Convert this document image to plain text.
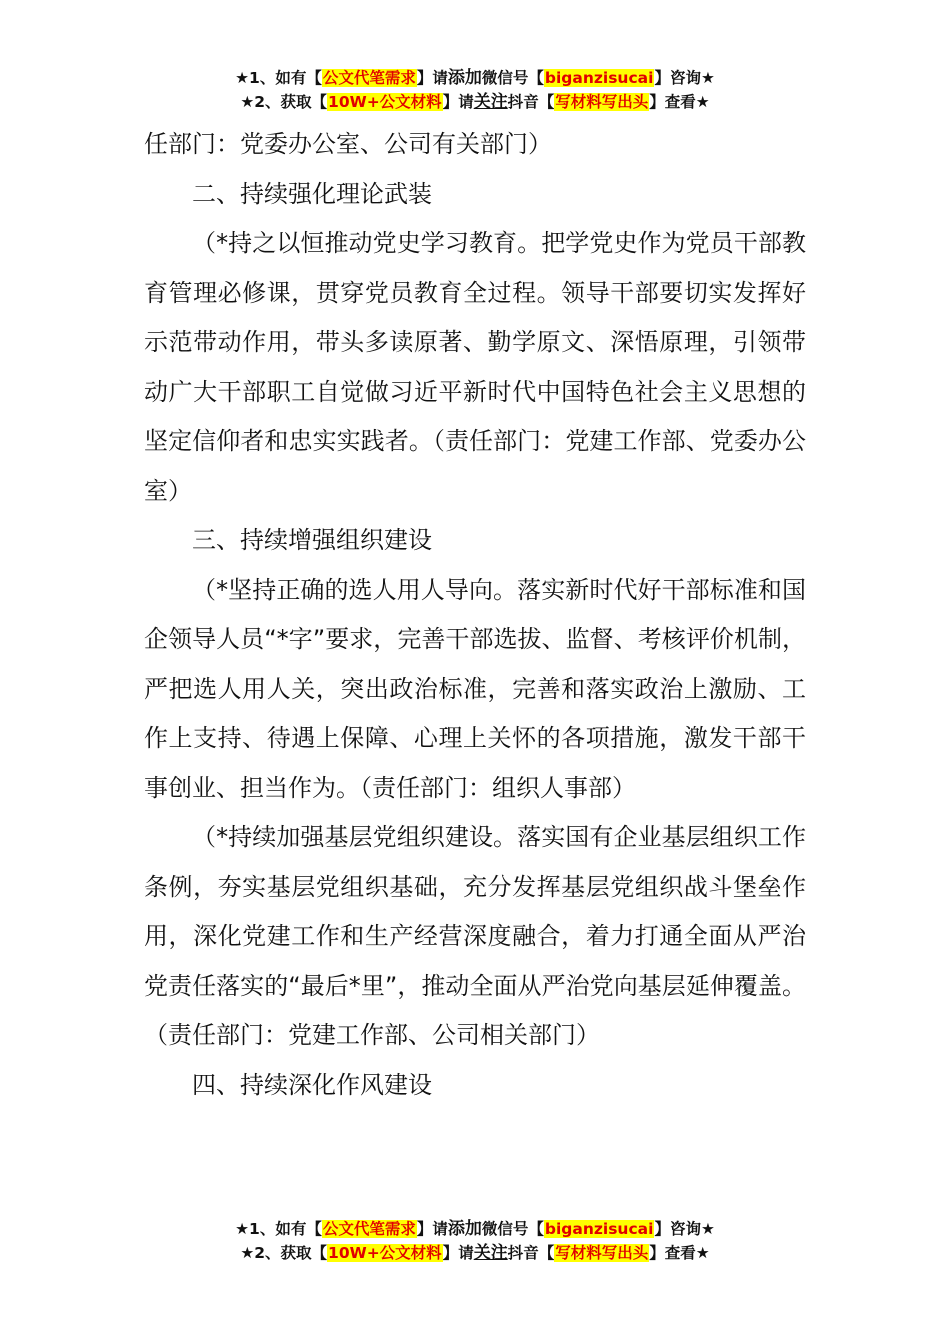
★1、如有【公文代笔需求】请添加微信号【biganzisucai】咨询★
★2、获取【10W+公文材料】请关注抖音【写材料写出头】查看★

任部门：党委办公室、公司有关部门）

二、持续强化理论武装

（*持之以恒推动党史学习教育。把学党史作为党员干部教育管理必修课，贯穿党员教育全过程。领导干部要切实发挥好示范带动作用，带头多读原著、勤学原文、深悟原理，引领带动广大干部职工自觉做习近平新时代中国特色社会主义思想的坚定信仰者和忠实实践者。（责任部门：党建工作部、党委办公室）

三、持续增强组织建设

（*坚持正确的选人用人导向。落实新时代好干部标准和国企领导人员“*字”要求，完善干部选拔、监督、考核评价机制，严把选人用人关，突出政治标准，完善和落实政治上激励、工作上支持、待遇上保障、心理上关怀的各项措施，激发干部干事创业、担当作为。（责任部门：组织人事部）

（*持续加强基层党组织建设。落实国有企业基层组织工作条例，夯实基层党组织基础，充分发挥基层党组织战斗堡垒作用，深化党建工作和生产经营深度融合，着力打通全面从严治党责任落实的“最后*里”，推动全面从严治党向基层延伸覆盖。（责任部门：党建工作部、公司相关部门）

四、持续深化作风建设

★1、如有【公文代笔需求】请添加微信号【biganzisucai】咨询★
★2、获取【10W+公文材料】请关注抖音【写材料写出头】查看★
